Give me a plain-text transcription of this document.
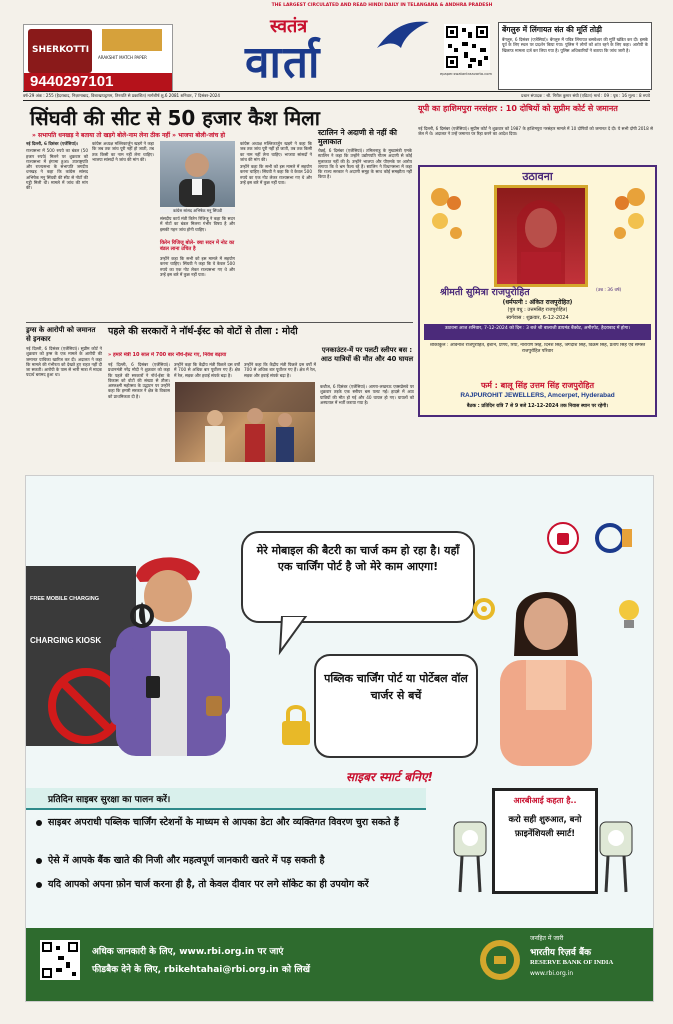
THE LARGEST CIRCULATED AND READ HINDI DAILY IN TELANGANA & ANDHRA PRADESH
SHERKOTTI
ARAKSHIT MATCH PAPER
9440297101
स्वतंत्र
वार्ता	epaper.swatantraavarta.com
बेंगलुरु में लिंगायत संत की मूर्ति तोड़ी
बेंगलुरु, 6 दिसंबर (एजेंसियां)। बेंगलुरु में पवित्र लिंगायत बसवेश्वर की मूर्ति खंडित कर दी। इसके पूर्व के लिए स्थल पर प्रदर्शन किया गया। पुलिस ने लोगों को शांत रहने के लिए कहा। आरोपी के खिलाफ मामला दर्ज कर लिया गया है। पुलिस अधिकारियों ने बताया कि जांच जारी है।
वर्ष-29 अंक : 255 (हैदराबाद, निज़ामाबाद, विशाखापट्टणम, तिरुपति से प्रकाशित) मार्गशीर्ष शु.6 2081 शनिवार, 7 दिसंबर-2024	प्रधान संपादक : श्री. गिरीश कुमार संघी (एडिटर) मार्च : 09 : पृष्ठ : 16 मूल्य : 8 रुपये
सिंघवी की सीट से 50 हजार कैश मिला
» सभापति धनखड़ ने बताया तो खड़गे बोले-नाम लेना ठीक नहीं » भाजपा बोली-जांच हो

नई दिल्ली, 6 दिसंबर (एजेंसियां)।

राज्यसभा में 500 रुपये का बंडल (50 हजार रुपये) मिलने पर शुक्रवार को राज्यसभा में हंगामा हुआ। उपराष्ट्रपति और राज्यसभा के सभापति जगदीप धनखड़ ने कहा कि कांग्रेस सांसद अभिषेक मनु सिंघवी की सीट से नोटों की गड्डी मिली थी। मामले में जांच की मांग की।

कांग्रेस अध्यक्ष मल्लिकार्जुन खड़गे ने कहा कि जब तक जांच पूरी नहीं हो जाती, तब तक किसी का नाम नहीं लेना चाहिए। भाजपा सांसदों ने जांच की मांग की।

कांग्रेस सांसद अभिषेक मनु सिंघवी

संसदीय कार्य मंत्री किरेन रिजिजू ने कहा कि सदन में नोटों का बंडल मिलना गंभीर विषय है और इसकी गहन जांच होनी चाहिए।

किरेन रिजिजू बोले- क्या सदन में नोट का बंडल लाना उचित है

उन्होंने कहा कि सभी को इस मामले में सहयोग करना चाहिए। सिंघवी ने कहा कि वे केवल 500 रुपये का एक नोट लेकर राज्यसभा गए थे और उन्हें इस बारे में कुछ नहीं पता।

स्टालिन ने अदाणी से नहीं की मुलाकात
चेन्नई, 6 दिसंबर (एजेंसियां)। तमिलनाडु के मुख्यमंत्री एमके स्टालिन ने कहा कि उन्होंने उद्योगपति गौतम अदाणी से कोई मुलाकात नहीं की है। उन्होंने भाजपा और पीएमके पर आरोप लगाया कि वे भ्रम फैला रहे हैं। स्टालिन ने विधानसभा में कहा कि राज्य सरकार ने अदाणी समूह के साथ कोई समझौता नहीं किया है।

कांग्रेस अध्यक्ष मल्लिकार्जुन खड़गे ने कहा कि जब तक जांच पूरी नहीं हो जाती, तब तक किसी का नाम नहीं लेना चाहिए। भाजपा सांसदों ने जांच की मांग की।

उन्होंने कहा कि सभी को इस मामले में सहयोग करना चाहिए। सिंघवी ने कहा कि वे केवल 500 रुपये का एक नोट लेकर राज्यसभा गए थे और उन्हें इस बारे में कुछ नहीं पता।

यूपी का हाशिमपुरा नरसंहार : 10 दोषियों को सुप्रीम कोर्ट से जमानत
नई दिल्ली, 6 दिसंबर (एजेंसियां)। सुप्रीम कोर्ट ने शुक्रवार को 1987 के हाशिमपुरा नरसंहार मामले में 10 दोषियों को जमानत दे दी। ये सभी दोषी 2018 से जेल में थे। अदालत ने उन्हें जमानत पर रिहा करने का आदेश दिया।
उठावना
श्रीमती सुमित्रा राजपुरोहित	(उम्र : 36 वर्ष)
(धर्मपत्नी : अंकित राजपुरोहित)
(पुत्र वधु : उत्तमसिंह राजपुरोहित)
स्वर्गवास : शुक्रवार, 6-12-2024
उठावना आज शनिवार, 7-12-2024 को दिन : 3 बजे श्री बालाजी डायमंड बैंक्वेट, अमीरपेट, हैदराबाद में होगा।
शोकाकुल : अविनाश राजपुरोहित, ईशान, प्रणय, रिया, नारायण सिंह, दिनेश सिंह, जगदीश सिंह, विक्रम सिंह, प्रताप सिंह एवं समस्त राजपुरोहित परिवार
फर्म : बालू सिंह उत्तम सिंह राजपुरोहित
RAJPUROHIT JEWELLERS, Amcerpet, Hyderabad
बैठक : प्रतिदिन रात्रि 7 से 9 बजे 12-12-2024 तक निवास स्थान पर रहेगी।
ड्रग्स के आरोपी को जमानत से इनकार
नई दिल्ली, 6 दिसंबर (एजेंसियां)। सुप्रीम कोर्ट ने शुक्रवार को ड्रग्स के एक मामले के आरोपी की जमानत याचिका खारिज कर दी। अदालत ने कहा कि मामले की गंभीरता को देखते हुए राहत नहीं दी जा सकती। आरोपी के पास से भारी मात्रा में मादक पदार्थ बरामद हुआ था।
पहले की सरकारों ने नॉर्थ-ईस्ट को वोटों से तौला : मोदी
» हमारे मंत्री 10 साल में 700 बार नॉर्थ-ईस्ट गए, निवेश बढ़ाया

नई दिल्ली, 6 दिसंबर (एजेंसियां)। प्रधानमंत्री नरेंद्र मोदी ने शुक्रवार को कहा कि पहले की सरकारों ने नॉर्थ-ईस्ट के विकास को वोटों की संख्या से तौला। अष्टलक्ष्मी महोत्सव के उद्घाटन पर उन्होंने कहा कि हमारी सरकार ने क्षेत्र के विकास को प्राथमिकता दी है।

उन्होंने कहा कि केंद्रीय मंत्री पिछले दस वर्षों में 700 से अधिक बार पूर्वोत्तर गए हैं। क्षेत्र में रेल, सड़क और हवाई संपर्क बढ़ा है।

उन्होंने कहा कि केंद्रीय मंत्री पिछले दस वर्षों में 700 से अधिक बार पूर्वोत्तर गए हैं। क्षेत्र में रेल, सड़क और हवाई संपर्क बढ़ा है।

एनकाउंटर-में पर पलटी स्लीपर बस : आठ यात्रियों की मौत और 40 घायल
कन्नौज, 6 दिसंबर (एजेंसियां)। आगरा-लखनऊ एक्सप्रेसवे पर शुक्रवार तड़के एक स्लीपर बस पलट गई। हादसे में आठ यात्रियों की मौत हो गई और 40 घायल हो गए। घायलों को अस्पताल में भर्ती कराया गया है।
FREE MOBILE CHARGING
CHARGING KIOSK
मेरे मोबाइल की बैटरी का चार्ज कम हो रहा है। यहाँ एक चार्जिंग पोर्ट है जो मेरे काम आएगा!
पब्लिक चार्जिंग पोर्ट या पोर्टेबल वॉल चार्जर से बचें
साइबर स्मार्ट बनिए!
प्रतिदिन साइबर सुरक्षा का पालन करें।
साइबर अपराधी पब्लिक चार्जिंग स्टेशनों के माध्यम से आपका डेटा और व्यक्तिगत विवरण चुरा सकते हैं
ऐसे में आपके बैंक खाते की निजी और महत्वपूर्ण जानकारी खतरे में पड़ सकती है
यदि आपको अपना फ़ोन चार्ज करना ही है, तो केवल दीवार पर लगे सॉकेट का ही उपयोग करें
आरबीआई कहता है..
करो सही शुरुआत, बनो फ़ाइनेंशियली स्मार्ट!
अधिक जानकारी के लिए, www.rbi.org.in पर जाएं
फीडबैक देने के लिए, rbikehtahai@rbi.org.in को लिखें
जनहित में जारी
भारतीय रिज़र्व बैंक
RESERVE BANK OF INDIA
www.rbi.org.in
